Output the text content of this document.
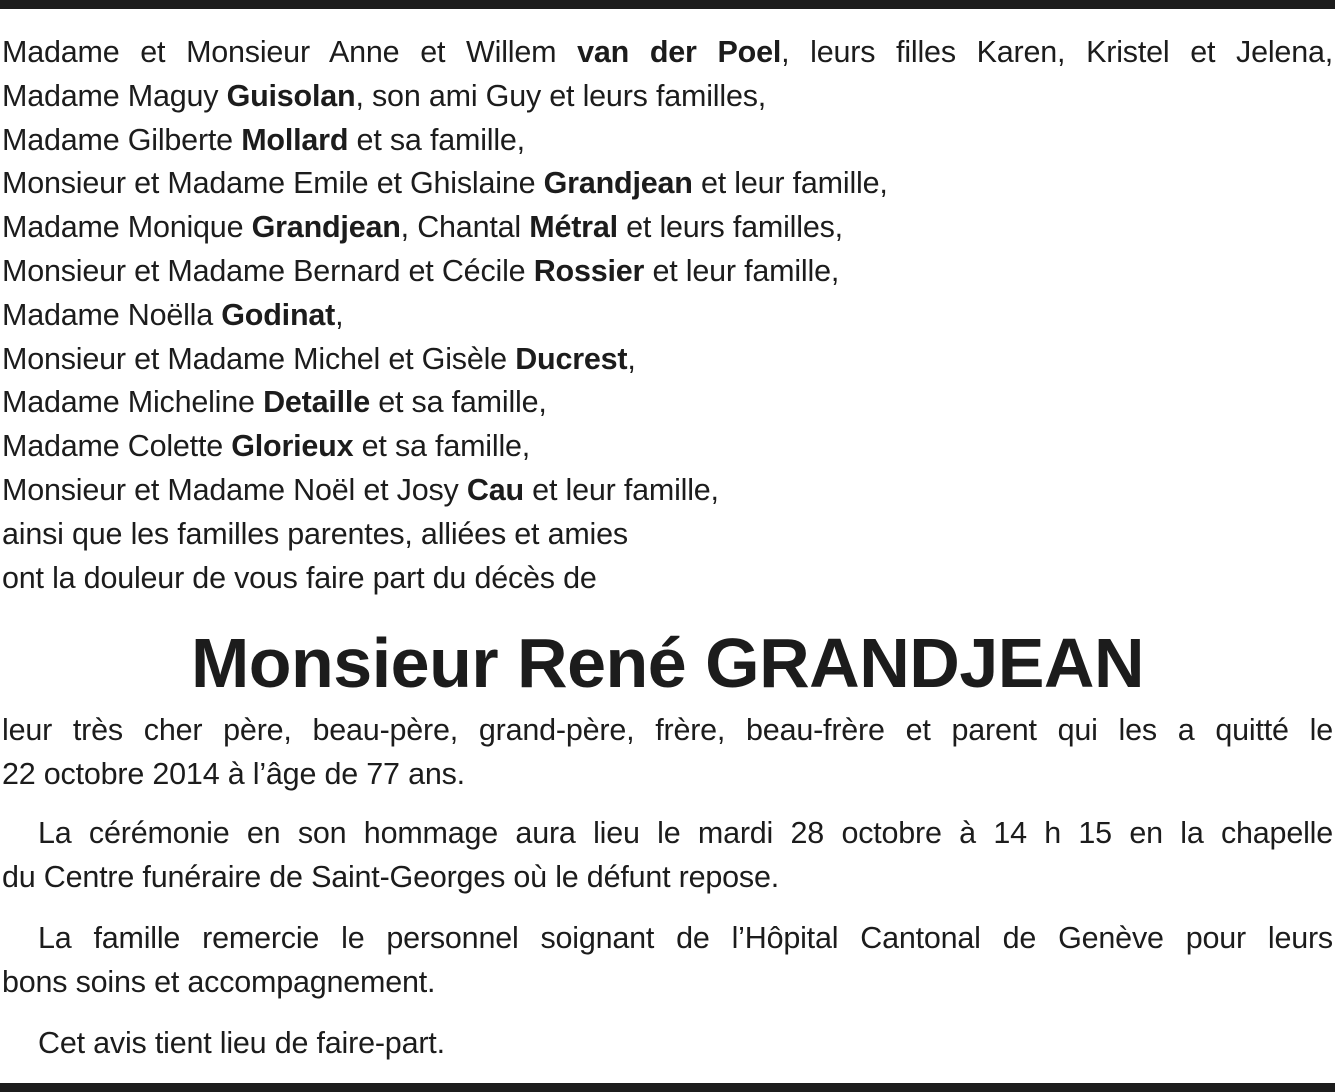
Madame et Monsieur Anne et Willem van der Poel, leurs filles Karen, Kristel et Jelena,
Madame Maguy Guisolan, son ami Guy et leurs familles,
Madame Gilberte Mollard et sa famille,
Monsieur et Madame Emile et Ghislaine Grandjean et leur famille,
Madame Monique Grandjean, Chantal Métral et leurs familles,
Monsieur et Madame Bernard et Cécile Rossier et leur famille,
Madame Noëlla Godinat,
Monsieur et Madame Michel et Gisèle Ducrest,
Madame Micheline Detaille et sa famille,
Madame Colette Glorieux et sa famille,
Monsieur et Madame Noël et Josy Cau et leur famille,
ainsi que les familles parentes, alliées et amies
ont la douleur de vous faire part du décès de
Monsieur René GRANDJEAN
leur très cher père, beau-père, grand-père, frère, beau-frère et parent qui les a quitté le
22 octobre 2014 à l’âge de 77 ans.
La cérémonie en son hommage aura lieu le mardi 28 octobre à 14 h 15 en la chapelle
du Centre funéraire de Saint-Georges où le défunt repose.
La famille remercie le personnel soignant de l’Hôpital Cantonal de Genève pour leurs
bons soins et accompagnement.
Cet avis tient lieu de faire-part.
